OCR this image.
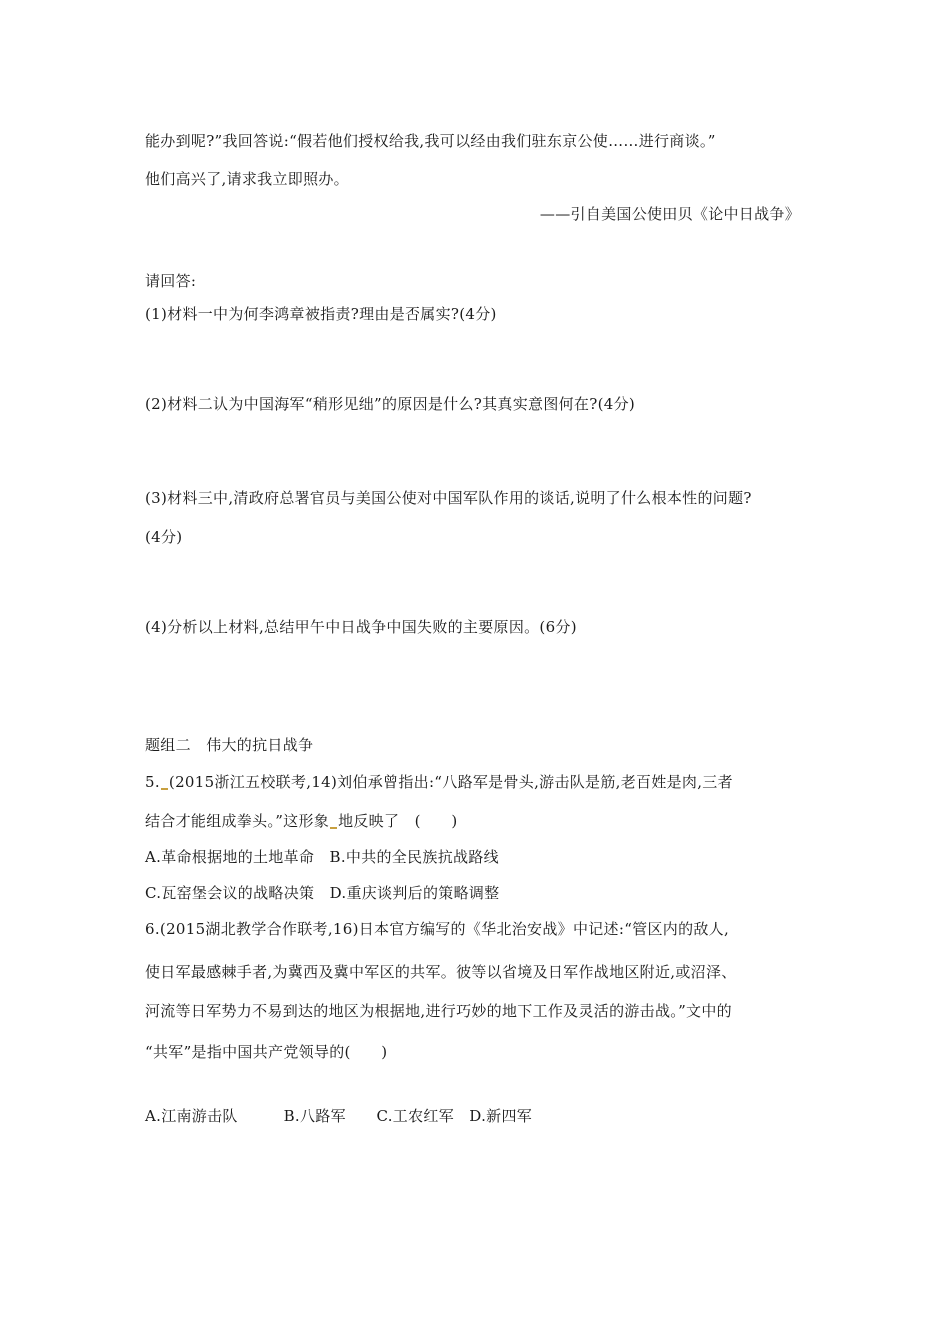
能办到呢?”我回答说:“假若他们授权给我,我可以经由我们驻东京公使……进行商谈。”
他们高兴了,请求我立即照办。
——引自美国公使田贝《论中日战争》
请回答:
(1)材料一中为何李鸿章被指责?理由是否属实?(4分)
(2)材料二认为中国海军“稍形见绌”的原因是什么?其真实意图何在?(4分)
(3)材料三中,清政府总署官员与美国公使对中国军队作用的谈话,说明了什么根本性的问题?
(4分)
(4)分析以上材料,总结甲午中日战争中国失败的主要原因。(6分)
题组二　伟大的抗日战争
5. (2015浙江五校联考,14)刘伯承曾指出:“八路军是骨头,游击队是筋,老百姓是肉,三者
结合才能组成拳头。”这形象 地反映了　(　　)
A.革命根据地的土地革命　B.中共的全民族抗战路线
C.瓦窑堡会议的战略决策　D.重庆谈判后的策略调整
6.(2015湖北教学合作联考,16)日本官方编写的《华北治安战》中记述:“管区内的敌人,
使日军最感棘手者,为冀西及冀中军区的共军。彼等以省境及日军作战地区附近,或沼泽、
河流等日军势力不易到达的地区为根据地,进行巧妙的地下工作及灵活的游击战。”文中的
“共军”是指中国共产党领导的(　　)
A.江南游击队　　　B.八路军　　C.工农红军　D.新四军
